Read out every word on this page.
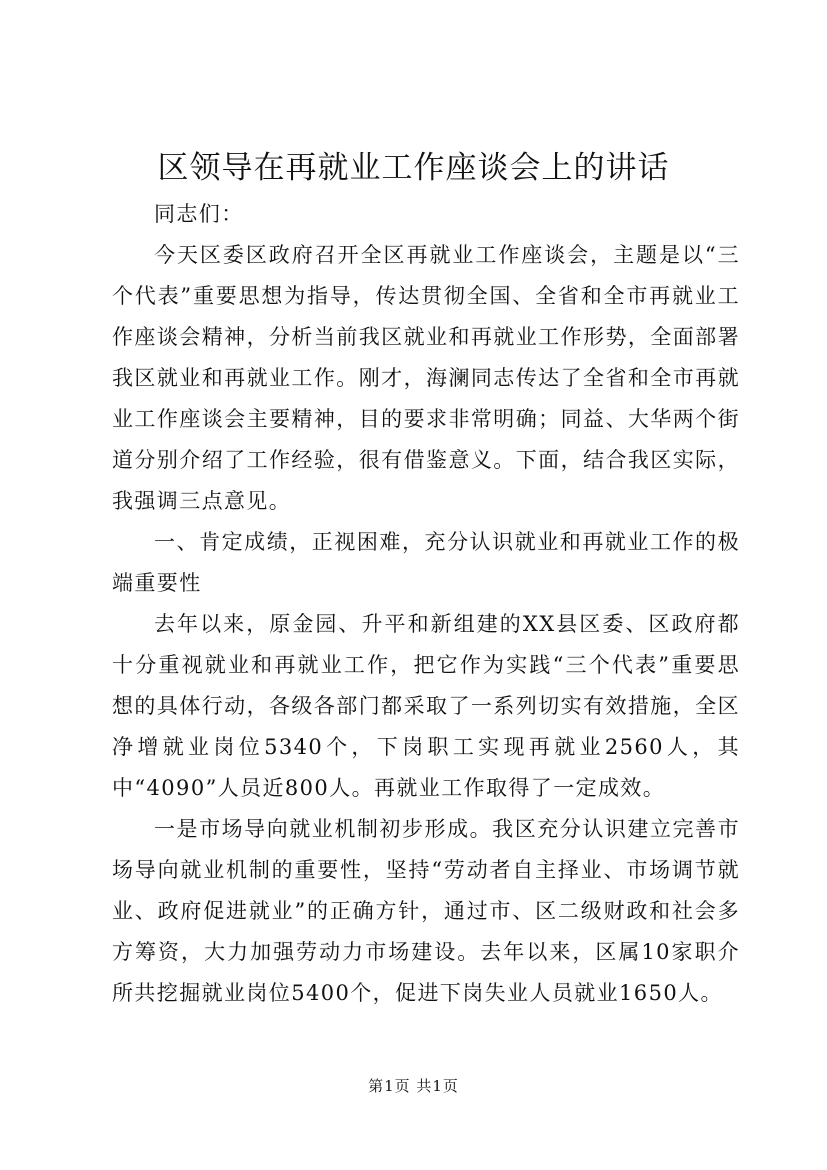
区领导在再就业工作座谈会上的讲话

同志们：

今天区委区政府召开全区再就业工作座谈会，主题是以“三个代表”重要思想为指导，传达贯彻全国、全省和全市再就业工作座谈会精神，分析当前我区就业和再就业工作形势，全面部署我区就业和再就业工作。刚才，海澜同志传达了全省和全市再就业工作座谈会主要精神，目的要求非常明确；同益、大华两个街道分别介绍了工作经验，很有借鉴意义。下面，结合我区实际，我强调三点意见。

一、肯定成绩，正视困难，充分认识就业和再就业工作的极端重要性

去年以来，原金园、升平和新组建的XX县区委、区政府都十分重视就业和再就业工作，把它作为实践“三个代表”重要思想的具体行动，各级各部门都采取了一系列切实有效措施，全区净增就业岗位5340个，下岗职工实现再就业2560人，其中“4090”人员近800人。再就业工作取得了一定成效。

一是市场导向就业机制初步形成。我区充分认识建立完善市场导向就业机制的重要性，坚持“劳动者自主择业、市场调节就业、政府促进就业”的正确方针，通过市、区二级财政和社会多方筹资，大力加强劳动力市场建设。去年以来，区属10家职介所共挖掘就业岗位5400个，促进下岗失业人员就业1650人。

第1页 共1页
